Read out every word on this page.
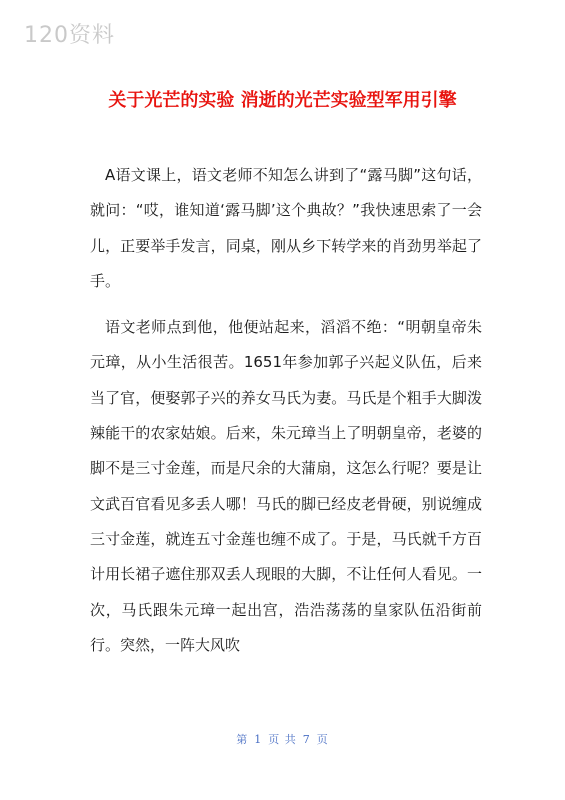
120资料
关于光芒的实验 消逝的光芒实验型军用引擎

A语文课上，语文老师不知怎么讲到了“露马脚”这句话，就问：“哎，谁知道‘露马脚’这个典故？”我快速思索了一会儿，正要举手发言，同桌，刚从乡下转学来的肖劲男举起了手。

语文老师点到他，他便站起来，滔滔不绝：“明朝皇帝朱元璋，从小生活很苦。1651年参加郭子兴起义队伍，后来当了官，便娶郭子兴的养女马氏为妻。马氏是个粗手大脚泼辣能干的农家姑娘。后来，朱元璋当上了明朝皇帝，老婆的脚不是三寸金莲，而是尺余的大蒲扇，这怎么行呢？要是让文武百官看见多丢人哪！马氏的脚已经皮老骨硬，别说缠成三寸金莲，就连五寸金莲也缠不成了。于是，马氏就千方百计用长裙子遮住那双丢人现眼的大脚，不让任何人看见。一次，马氏跟朱元璋一起出宫，浩浩荡荡的皇家队伍沿街前行。突然，一阵大风吹

第 1 页 共 7 页
